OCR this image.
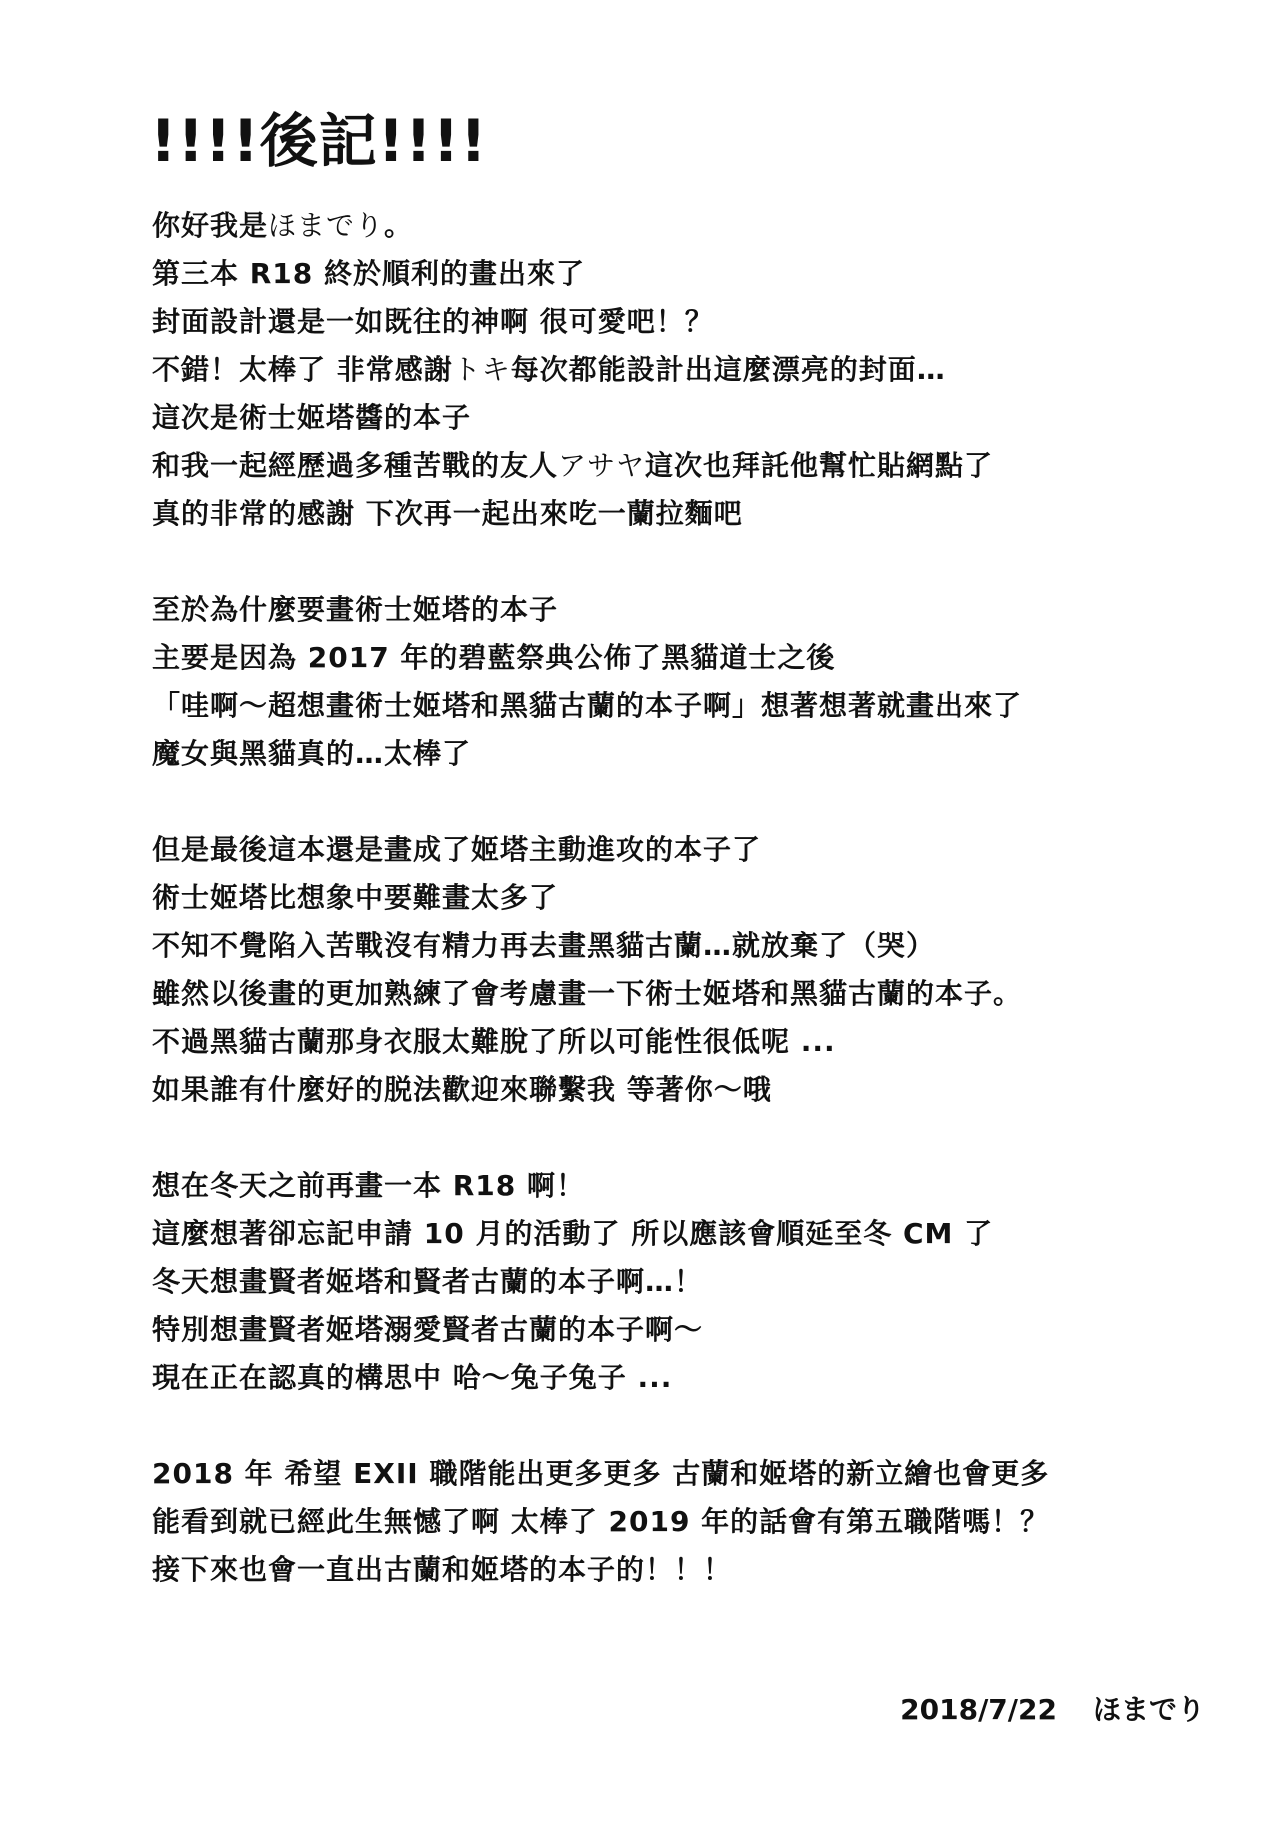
!!!!後記!!!!
你好我是ほまでり。
第三本 R18 終於順利的畫出來了
封面設計還是一如既往的神啊 很可愛吧！？
不錯！太棒了 非常感謝トキ每次都能設計出這麼漂亮的封面…
這次是術士姬塔醬的本子
和我一起經歷過多種苦戰的友人アサヤ這次也拜託他幫忙貼網點了
真的非常的感謝 下次再一起出來吃一蘭拉麵吧
至於為什麼要畫術士姬塔的本子
主要是因為 2017 年的碧藍祭典公佈了黑貓道士之後
「哇啊～超想畫術士姬塔和黑貓古蘭的本子啊」想著想著就畫出來了
魔女與黑貓真的…太棒了
但是最後這本還是畫成了姬塔主動進攻的本子了
術士姬塔比想象中要難畫太多了
不知不覺陷入苦戰沒有精力再去畫黑貓古蘭…就放棄了（哭）
雖然以後畫的更加熟練了會考慮畫一下術士姬塔和黑貓古蘭的本子。
不過黑貓古蘭那身衣服太難脫了所以可能性很低呢 ...
如果誰有什麼好的脱法歡迎來聯繫我 等著你～哦
想在冬天之前再畫一本 R18 啊！
這麼想著卻忘記申請 10 月的活動了 所以應該會順延至冬 CM 了
冬天想畫賢者姬塔和賢者古蘭的本子啊…！
特別想畫賢者姬塔溺愛賢者古蘭的本子啊～
現在正在認真的構思中 哈～兔子兔子 ...
2018 年 希望 EXII 職階能出更多更多 古蘭和姬塔的新立繪也會更多
能看到就已經此生無憾了啊 太棒了 2019 年的話會有第五職階嗎！？
接下來也會一直出古蘭和姬塔的本子的！！！
2018/7/22 ほまでり
